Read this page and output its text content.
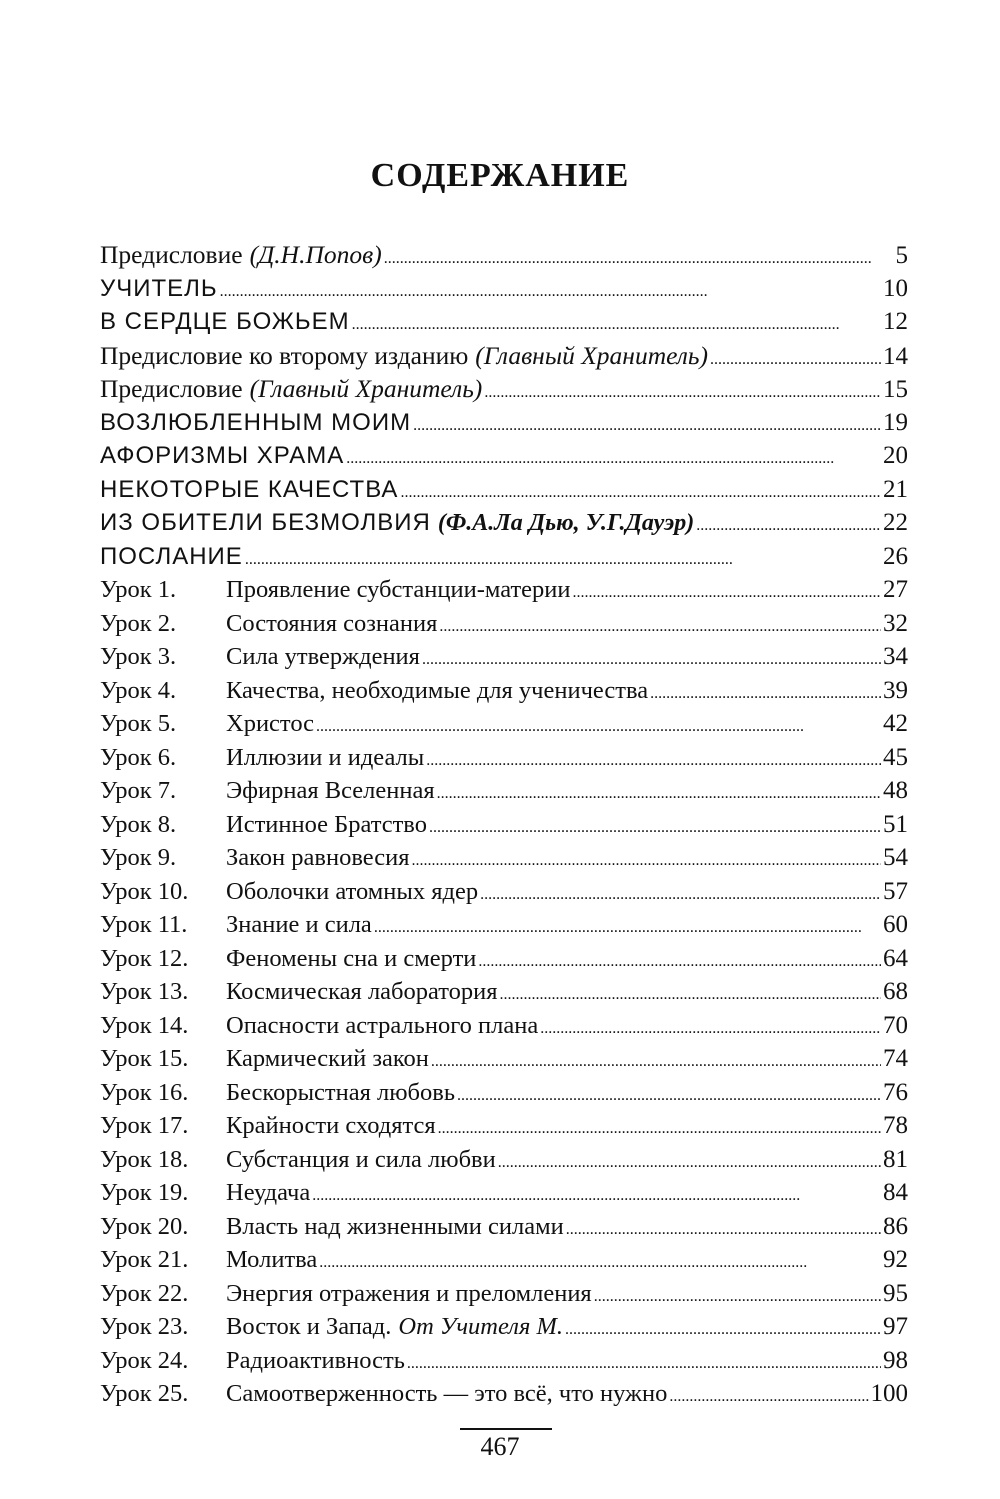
СОДЕРЖАНИЕ
Предисловие (Д.Н.Попов) . . .	5
УЧИТЕЛЬ . . .	10
В СЕРДЦЕ БОЖЬЕМ . . .	12
Предисловие ко второму изданию (Главный Хранитель) . . .	14
Предисловие (Главный Хранитель) . . .	15
ВОЗЛЮБЛЕННЫМ МОИМ . . .	19
АФОРИЗМЫ ХРАМА . . .	20
НЕКОТОРЫЕ КАЧЕСТВА . . .	21
ИЗ ОБИТЕЛИ БЕЗМОЛВИЯ (Ф.А.Ла Дью, У.Г.Дауэр) . . .	22
ПОСЛАНИЕ . . .	26
Урок 1.	Проявление субстанции-материи . . .	27
Урок 2.	Состояния сознания . . .	32
Урок 3.	Сила утверждения . . .	34
Урок 4.	Качества, необходимые для ученичества . . .	39
Урок 5.	Христос . . .	42
Урок 6.	Иллюзии и идеалы . . .	45
Урок 7.	Эфирная Вселенная . . .	48
Урок 8.	Истинное Братство . . .	51
Урок 9.	Закон равновесия . . .	54
Урок 10.	Оболочки атомных ядер . . .	57
Урок 11.	Знание и сила . . .	60
Урок 12.	Феномены сна и смерти . . .	64
Урок 13.	Космическая лаборатория . . .	68
Урок 14.	Опасности астрального плана . . .	70
Урок 15.	Кармический закон . . .	74
Урок 16.	Бескорыстная любовь . . .	76
Урок 17.	Крайности сходятся . . .	78
Урок 18.	Субстанция и сила любви . . .	81
Урок 19.	Неудача . . .	84
Урок 20.	Власть над жизненными силами . . .	86
Урок 21.	Молитва . . .	92
Урок 22.	Энергия отражения и преломления . . .	95
Урок 23.	Восток и Запад. От Учителя М. . . .	97
Урок 24.	Радиоактивность . . .	98
Урок 25.	Самоотверженность — это всё, что нужно . . .	100
467
